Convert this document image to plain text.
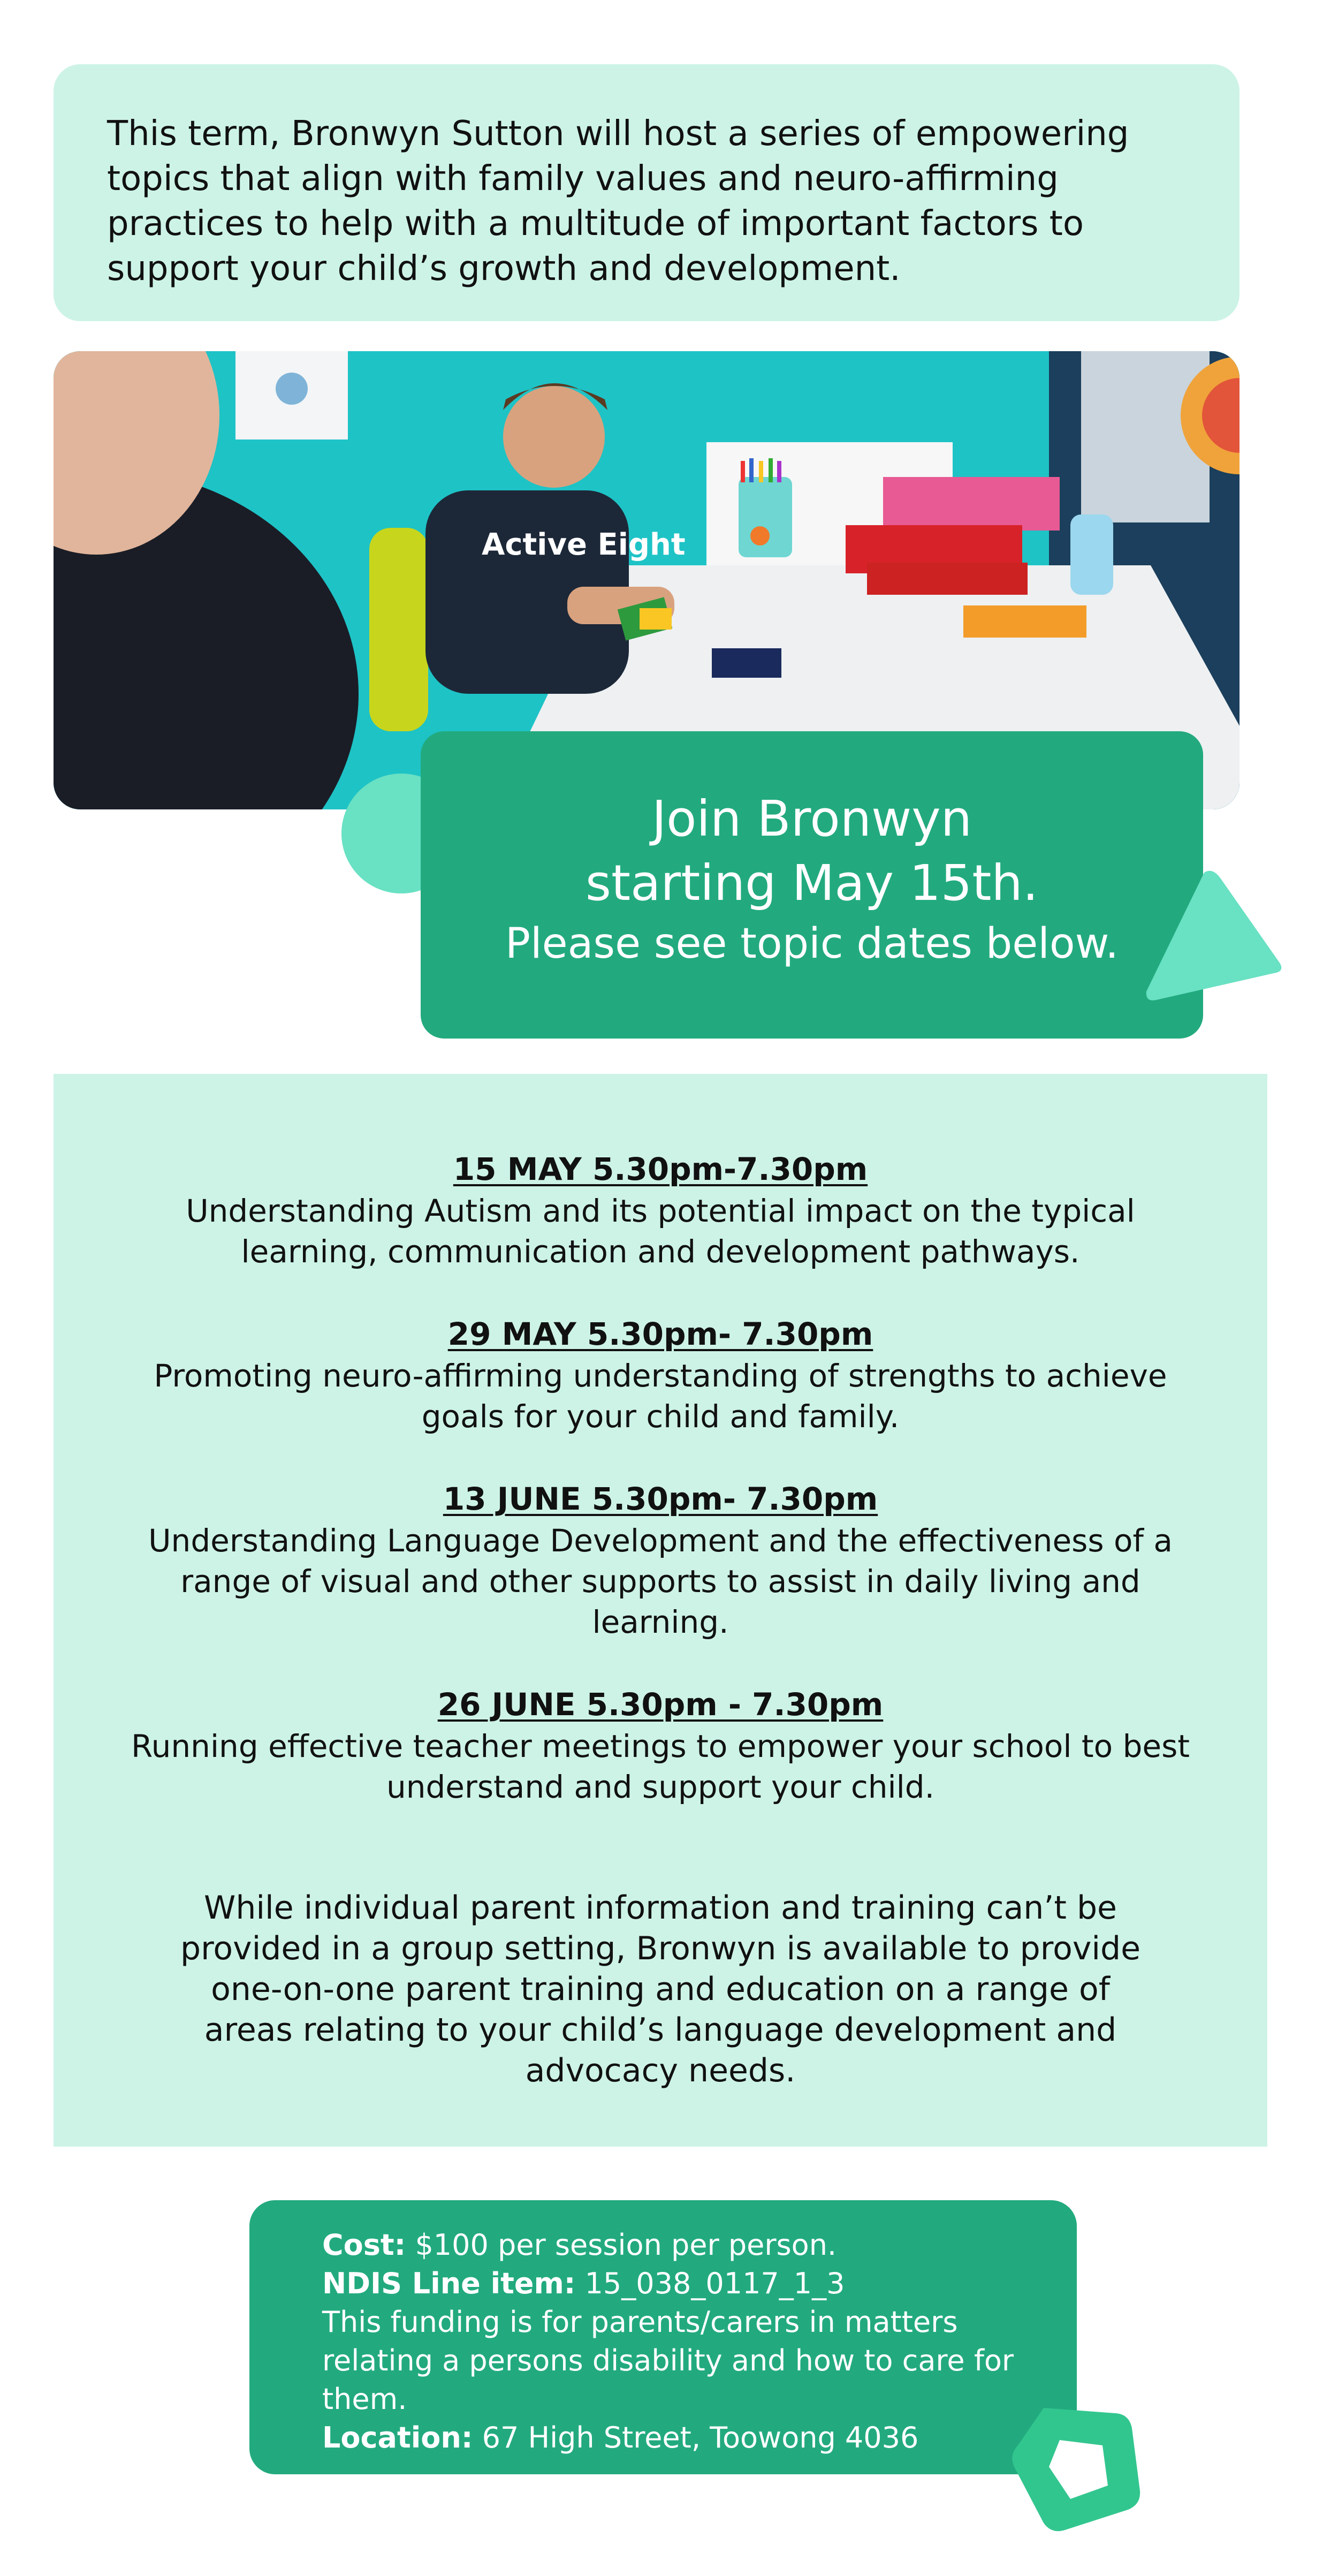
This term, Bronwyn Sutton will host a series of empowering topics that align with family values and neuro-affirming practices to help with a multitude of important factors to support your child’s growth and development.

Active Eight
Join Bronwyn
starting May 15th.
Please see topic dates below.
15 MAY 5.30pm-7.30pm
Understanding Autism and its potential impact on the typical learning, communication and development pathways.
29 MAY 5.30pm- 7.30pm
Promoting neuro-affirming understanding of strengths to achieve goals for your child and family.
13 JUNE 5.30pm- 7.30pm
Understanding Language Development and the effectiveness of a range of visual and other supports to assist in daily living and learning.
26 JUNE 5.30pm - 7.30pm
Running effective teacher meetings to empower your school to best understand and support your child.

While individual parent information and training can’t be provided in a group setting, Bronwyn is available to provide one-on-one parent training and education on a range of areas relating to your child’s language development and advocacy needs.

Cost: $100 per session per person.
NDIS Line item: 15_038_0117_1_3
This funding is for parents/carers in matters relating a persons disability and how to care for them.
Location: 67 High Street, Toowong 4036
